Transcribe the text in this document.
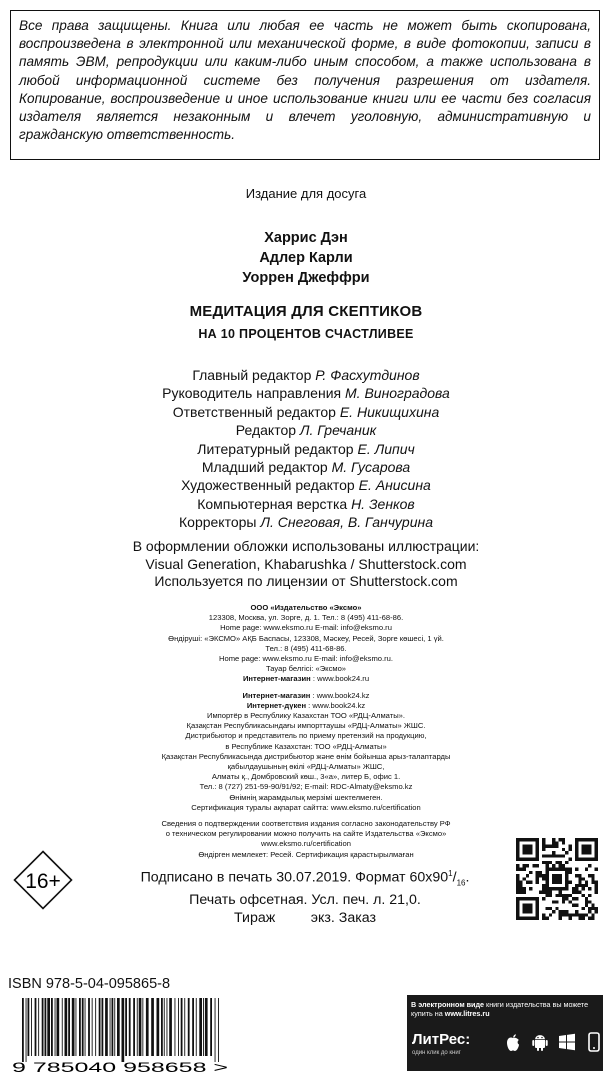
Все права защищены. Книга или любая ее часть не может быть скопирована, воспроизведена в электронной или механической форме, в виде фотокопии, записи в память ЭВМ, репродукции или каким-либо иным способом, а также использована в любой информационной системе без получения разрешения от издателя. Копирование, воспроизведение и иное использование книги или ее части без согласия издателя является незаконным и влечет уголовную, административную и гражданскую ответственность.
Издание для досуга
Харрис Дэн
Адлер Карли
Уоррен Джеффри
МЕДИТАЦИЯ ДЛЯ СКЕПТИКОВ
НА 10 ПРОЦЕНТОВ СЧАСТЛИВЕЕ
Главный редактор Р. Фасхутдинов
Руководитель направления М. Виноградова
Ответственный редактор Е. Никищихина
Редактор Л. Гречаник
Литературный редактор Е. Липич
Младший редактор М. Гусарова
Художественный редактор Е. Анисина
Компьютерная верстка Н. Зенков
Корректоры Л. Снеговая, В. Ганчурина
В оформлении обложки использованы иллюстрации:
Visual Generation, Khabarushka / Shutterstock.com
Используется по лицензии от Shutterstock.com
ООО «Издательство «Эксмо»
123308, Москва, ул. Зорге, д. 1. Тел.: 8 (495) 411-68-86.
Home page: www.eksmo.ru E-mail: info@eksmo.ru
Өндіруші: «ЭКСМО» АҚБ Баспасы, 123308, Мәскеу, Ресей, Зорге көшесі, 1 үй.
Тел.: 8 (495) 411-68-86.
Home page: www.eksmo.ru E-mail: info@eksmo.ru.
Тауар белгісі: «Эксмо»
Интернет-магазин : www.book24.ru
Интернет-магазин : www.book24.kz
Интернет-дүкен : www.book24.kz
Импортёр в Республику Казахстан ТОО «РДЦ-Алматы».
Қазақстан Республикасындағы импорттаушы «РДЦ-Алматы» ЖШС.
Дистрибьютор и представитель по приему претензий на продукцию,
в Республике Казахстан: ТОО «РДЦ-Алматы»
Қазақстан Республикасында дистрибьютор және өнім бойынша арыз-талаптарды
қабылдаушының өкілі «РДЦ-Алматы» ЖШС,
Алматы қ., Домбровский көш., 3«а», литер Б, офис 1.
Тел.: 8 (727) 251-59-90/91/92; E-mail: RDC-Almaty@eksmo.kz
Өнімнің жарамдылық мерзімі шектелмеген.
Сертификация туралы ақпарат сайтта: www.eksmo.ru/certification
Сведения о подтверждении соответствия издания согласно законодательству РФ
о техническом регулировании можно получить на сайте Издательства «Эксмо»
www.eksmo.ru/certification
Өндірген мемлекет: Ресей. Сертификация қарастырылмаған
16+	Подписано в печать 30.07.2019. Формат $60х90^1/_{16}$.
Печать офсетная. Усл. печ. л. 21,0.
Тираж экз. Заказ
ISBN 978-5-04-095865-8
9 785040 958658 >
В электронном виде книги издательства вы можете
купить на www.litres.ru
ЛитРес:
один клик до книг
